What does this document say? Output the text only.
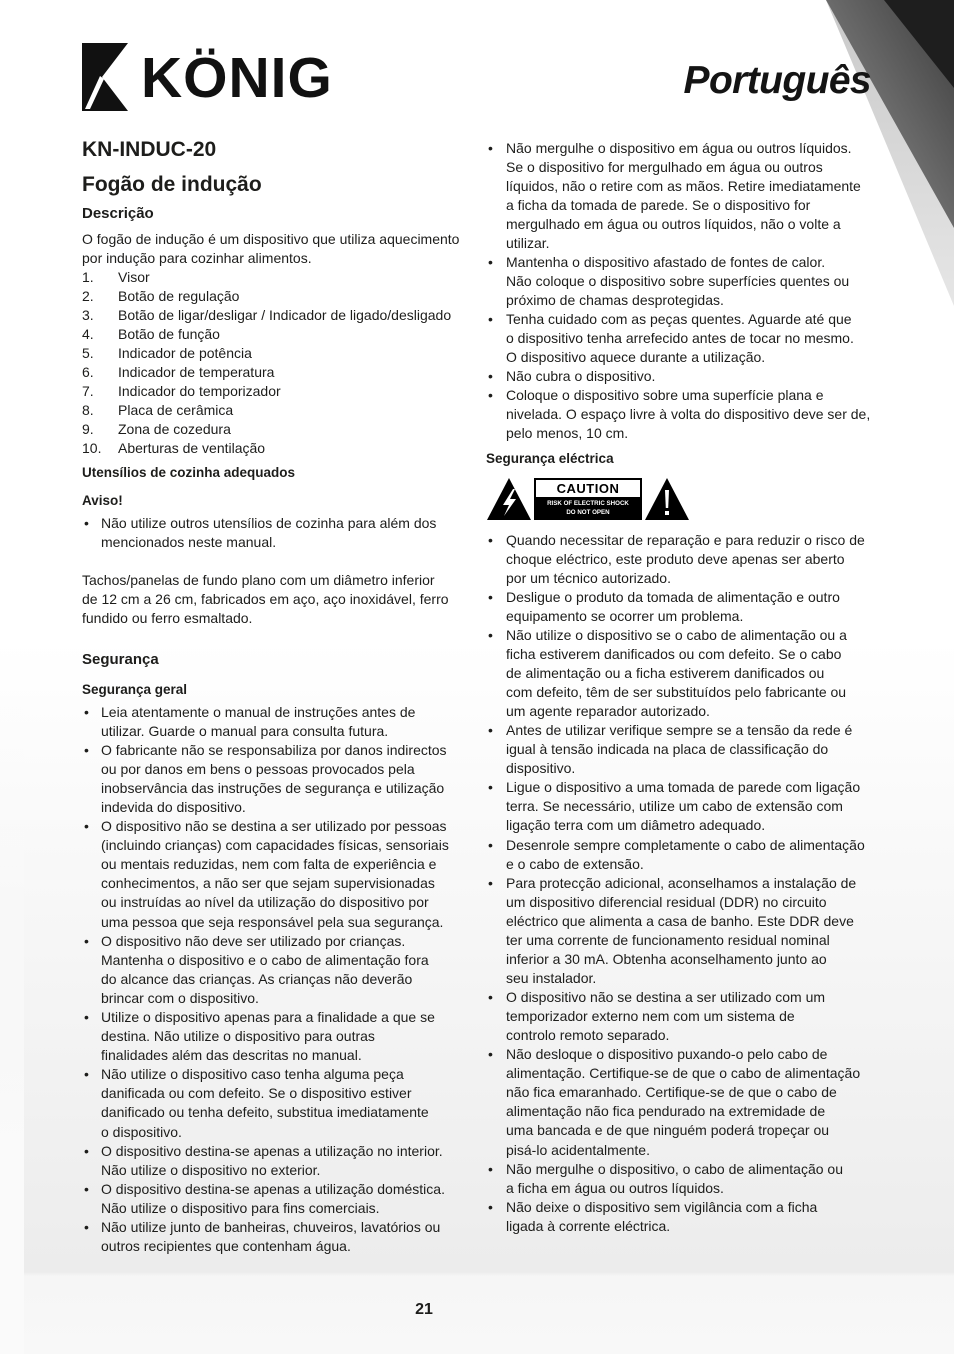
KÖNIG	Português
KN-INDUC-20
Fogão de indução
Descrição
O fogão de indução é um dispositivo que utiliza aquecimento
por indução para cozinhar alimentos.
1. Visor
2. Botão de regulação
3. Botão de ligar/desligar / Indicador de ligado/desligado
4. Botão de função
5. Indicador de potência
6. Indicador de temperatura
7. Indicador do temporizador
8. Placa de cerâmica
9. Zona de cozedura
10. Aberturas de ventilação
Utensílios de cozinha adequados
Aviso!
• Não utilize outros utensílios de cozinha para além dos
mencionados neste manual.
Tachos/panelas de fundo plano com um diâmetro inferior
de 12 cm a 26 cm, fabricados em aço, aço inoxidável, ferro
fundido ou ferro esmaltado.
Segurança
Segurança geral
• Leia atentamente o manual de instruções antes de
utilizar. Guarde o manual para consulta futura.
• O fabricante não se responsabiliza por danos indirectos
ou por danos em bens o pessoas provocados pela
inobservância das instruções de segurança e utilização
indevida do dispositivo.
• O dispositivo não se destina a ser utilizado por pessoas
(incluindo crianças) com capacidades físicas, sensoriais
ou mentais reduzidas, nem com falta de experiência e
conhecimentos, a não ser que sejam supervisionadas
ou instruídas ao nível da utilização do dispositivo por
uma pessoa que seja responsável pela sua segurança.
• O dispositivo não deve ser utilizado por crianças.
Mantenha o dispositivo e o cabo de alimentação fora
do alcance das crianças. As crianças não deverão
brincar com o dispositivo.
• Utilize o dispositivo apenas para a finalidade a que se
destina. Não utilize o dispositivo para outras
finalidades além das descritas no manual.
• Não utilize o dispositivo caso tenha alguma peça
danificada ou com defeito. Se o dispositivo estiver
danificado ou tenha defeito, substitua imediatamente
o dispositivo.
• O dispositivo destina-se apenas a utilização no interior.
Não utilize o dispositivo no exterior.
• O dispositivo destina-se apenas a utilização doméstica.
Não utilize o dispositivo para fins comerciais.
• Não utilize junto de banheiras, chuveiros, lavatórios ou
outros recipientes que contenham água.
• Não mergulhe o dispositivo em água ou outros líquidos.
Se o dispositivo for mergulhado em água ou outros
líquidos, não o retire com as mãos. Retire imediatamente
a ficha da tomada de parede. Se o dispositivo for
mergulhado em água ou outros líquidos, não o volte a
utilizar.
• Mantenha o dispositivo afastado de fontes de calor.
Não coloque o dispositivo sobre superfícies quentes ou
próximo de chamas desprotegidas.
• Tenha cuidado com as peças quentes. Aguarde até que
o dispositivo tenha arrefecido antes de tocar no mesmo.
O dispositivo aquece durante a utilização.
• Não cubra o dispositivo.
• Coloque o dispositivo sobre uma superfície plana e
nivelada. O espaço livre à volta do dispositivo deve ser de,
pelo menos, 10 cm.
Segurança eléctrica
CAUTION
RISK OF ELECTRIC SHOCK
DO NOT OPEN
• Quando necessitar de reparação e para reduzir o risco de
choque eléctrico, este produto deve apenas ser aberto
por um técnico autorizado.
• Desligue o produto da tomada de alimentação e outro
equipamento se ocorrer um problema.
• Não utilize o dispositivo se o cabo de alimentação ou a
ficha estiverem danificados ou com defeito. Se o cabo
de alimentação ou a ficha estiverem danificados ou
com defeito, têm de ser substituídos pelo fabricante ou
um agente reparador autorizado.
• Antes de utilizar verifique sempre se a tensão da rede é
igual à tensão indicada na placa de classificação do
dispositivo.
• Ligue o dispositivo a uma tomada de parede com ligação
terra. Se necessário, utilize um cabo de extensão com
ligação terra com um diâmetro adequado.
• Desenrole sempre completamente o cabo de alimentação
e o cabo de extensão.
• Para protecção adicional, aconselhamos a instalação de
um dispositivo diferencial residual (DDR) no circuito
eléctrico que alimenta a casa de banho. Este DDR deve
ter uma corrente de funcionamento residual nominal
inferior a 30 mA. Obtenha aconselhamento junto ao
seu instalador.
• O dispositivo não se destina a ser utilizado com um
temporizador externo nem com um sistema de
controlo remoto separado.
• Não desloque o dispositivo puxando-o pelo cabo de
alimentação. Certifique-se de que o cabo de alimentação
não fica emaranhado. Certifique-se de que o cabo de
alimentação não fica pendurado na extremidade de
uma bancada e de que ninguém poderá tropeçar ou
pisá-lo acidentalmente.
• Não mergulhe o dispositivo, o cabo de alimentação ou
a ficha em água ou outros líquidos.
• Não deixe o dispositivo sem vigilância com a ficha
ligada à corrente eléctrica.
21
